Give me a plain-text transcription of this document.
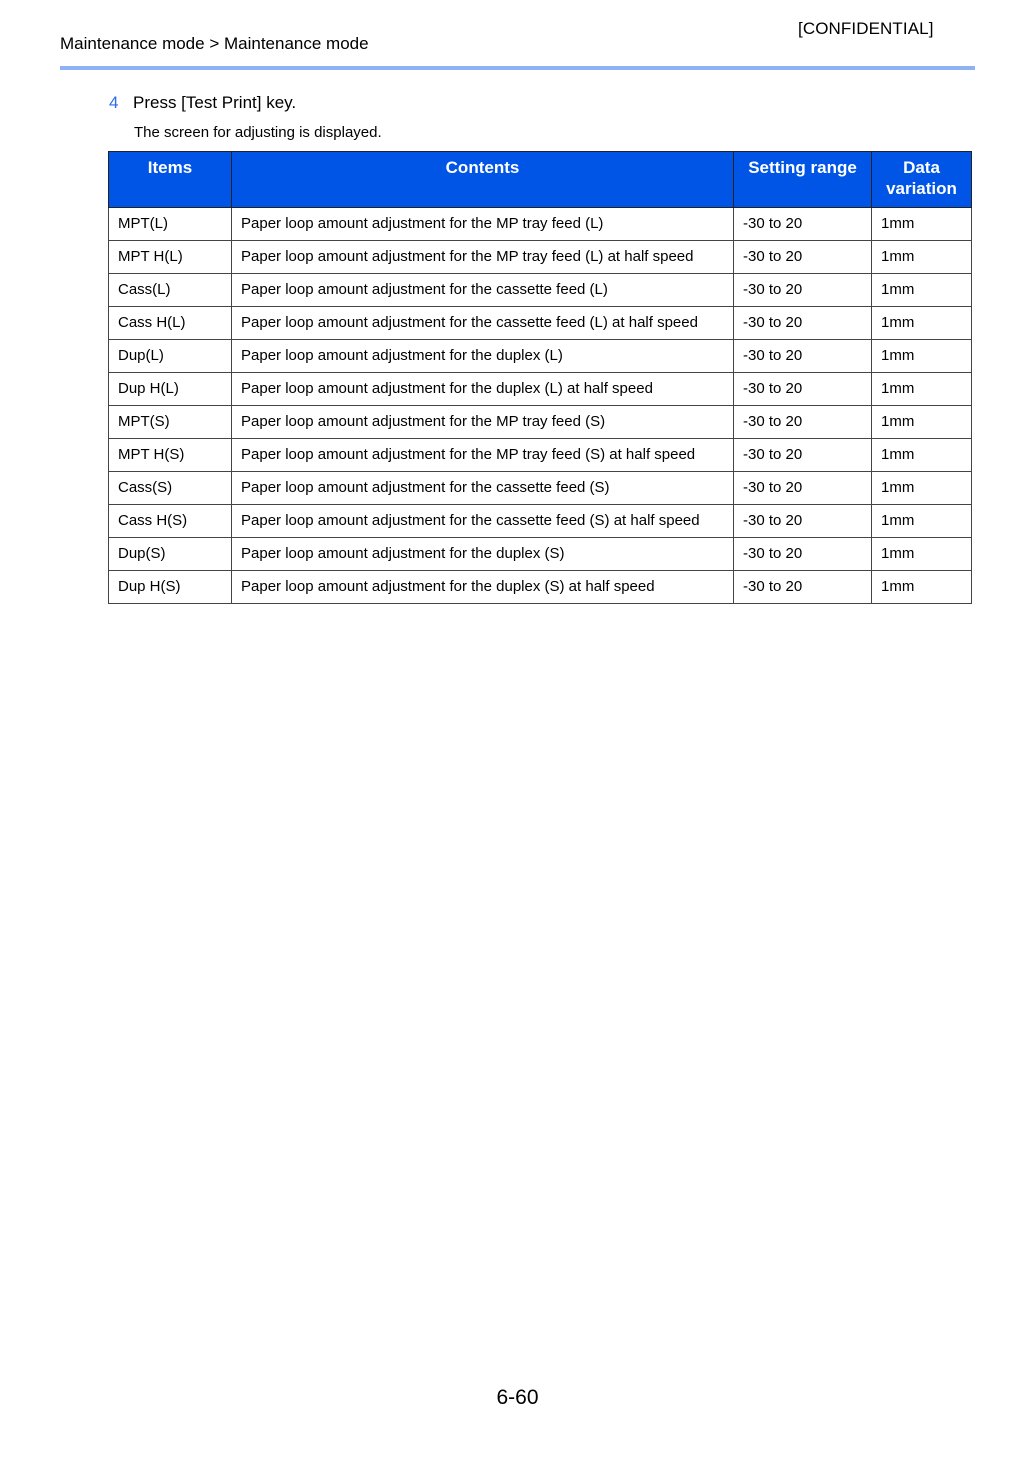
[CONFIDENTIAL]
Maintenance mode > Maintenance mode
4 Press [Test Print] key.
The screen for adjusting is displayed.
Items	Contents	Setting range	Data variation
MPT(L)	Paper loop amount adjustment for the MP tray feed (L)	-30 to 20	1mm
MPT H(L)	Paper loop amount adjustment for the MP tray feed (L) at half speed	-30 to 20	1mm
Cass(L)	Paper loop amount adjustment for the cassette feed (L)	-30 to 20	1mm
Cass H(L)	Paper loop amount adjustment for the cassette feed (L) at half speed	-30 to 20	1mm
Dup(L)	Paper loop amount adjustment for the duplex (L)	-30 to 20	1mm
Dup H(L)	Paper loop amount adjustment for the duplex (L) at half speed	-30 to 20	1mm
MPT(S)	Paper loop amount adjustment for the MP tray feed (S)	-30 to 20	1mm
MPT H(S)	Paper loop amount adjustment for the MP tray feed (S) at half speed	-30 to 20	1mm
Cass(S)	Paper loop amount adjustment for the cassette feed (S)	-30 to 20	1mm
Cass H(S)	Paper loop amount adjustment for the cassette feed (S) at half speed	-30 to 20	1mm
Dup(S)	Paper loop amount adjustment for the duplex (S)	-30 to 20	1mm
Dup H(S)	Paper loop amount adjustment for the duplex (S) at half speed	-30 to 20	1mm
6-60
